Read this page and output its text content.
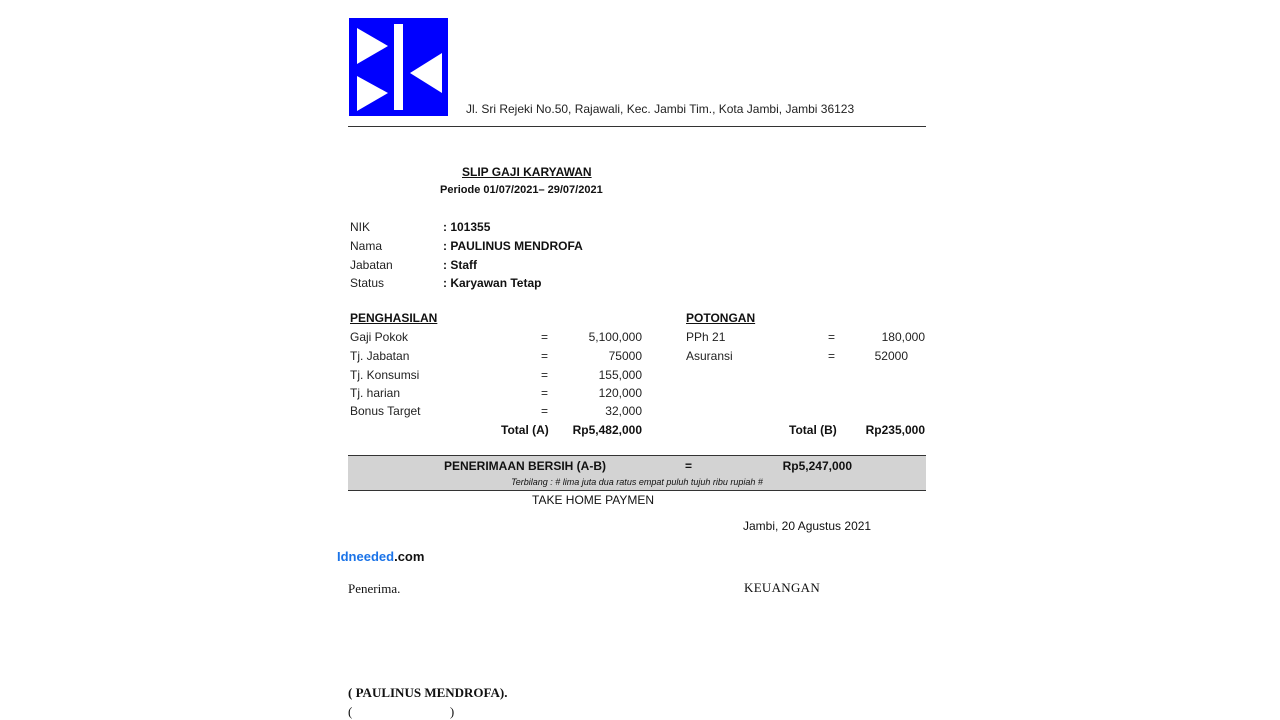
Jl. Sri Rejeki No.50, Rajawali, Kec. Jambi Tim., Kota Jambi, Jambi 36123
SLIP GAJI KARYAWAN
Periode 01/07/2021– 29/07/2021
NIK	: 101355
Nama	: PAULINUS MENDROFA
Jabatan	: Staff
Status	: Karyawan Tetap
PENGHASILAN
Gaji Pokok	=	5,100,000
Tj. Jabatan	=	75000
Tj. Konsumsi	=	155,000
Tj. harian	=	120,000
Bonus Target	=	32,000
Total (A)	Rp5,482,000
POTONGAN
PPh 21	=	180,000
Asuransi	=	52000
Total (B)	Rp235,000
PENERIMAAN BERSIH (A-B)	=	Rp5,247,000
Terbilang : # lima juta dua ratus empat puluh tujuh ribu rupiah #
TAKE HOME PAYMEN
Jambi, 20 Agustus 2021
Idneeded.com
Penerima.	KEUANGAN
( PAULINUS MENDROFA).
(                              )
